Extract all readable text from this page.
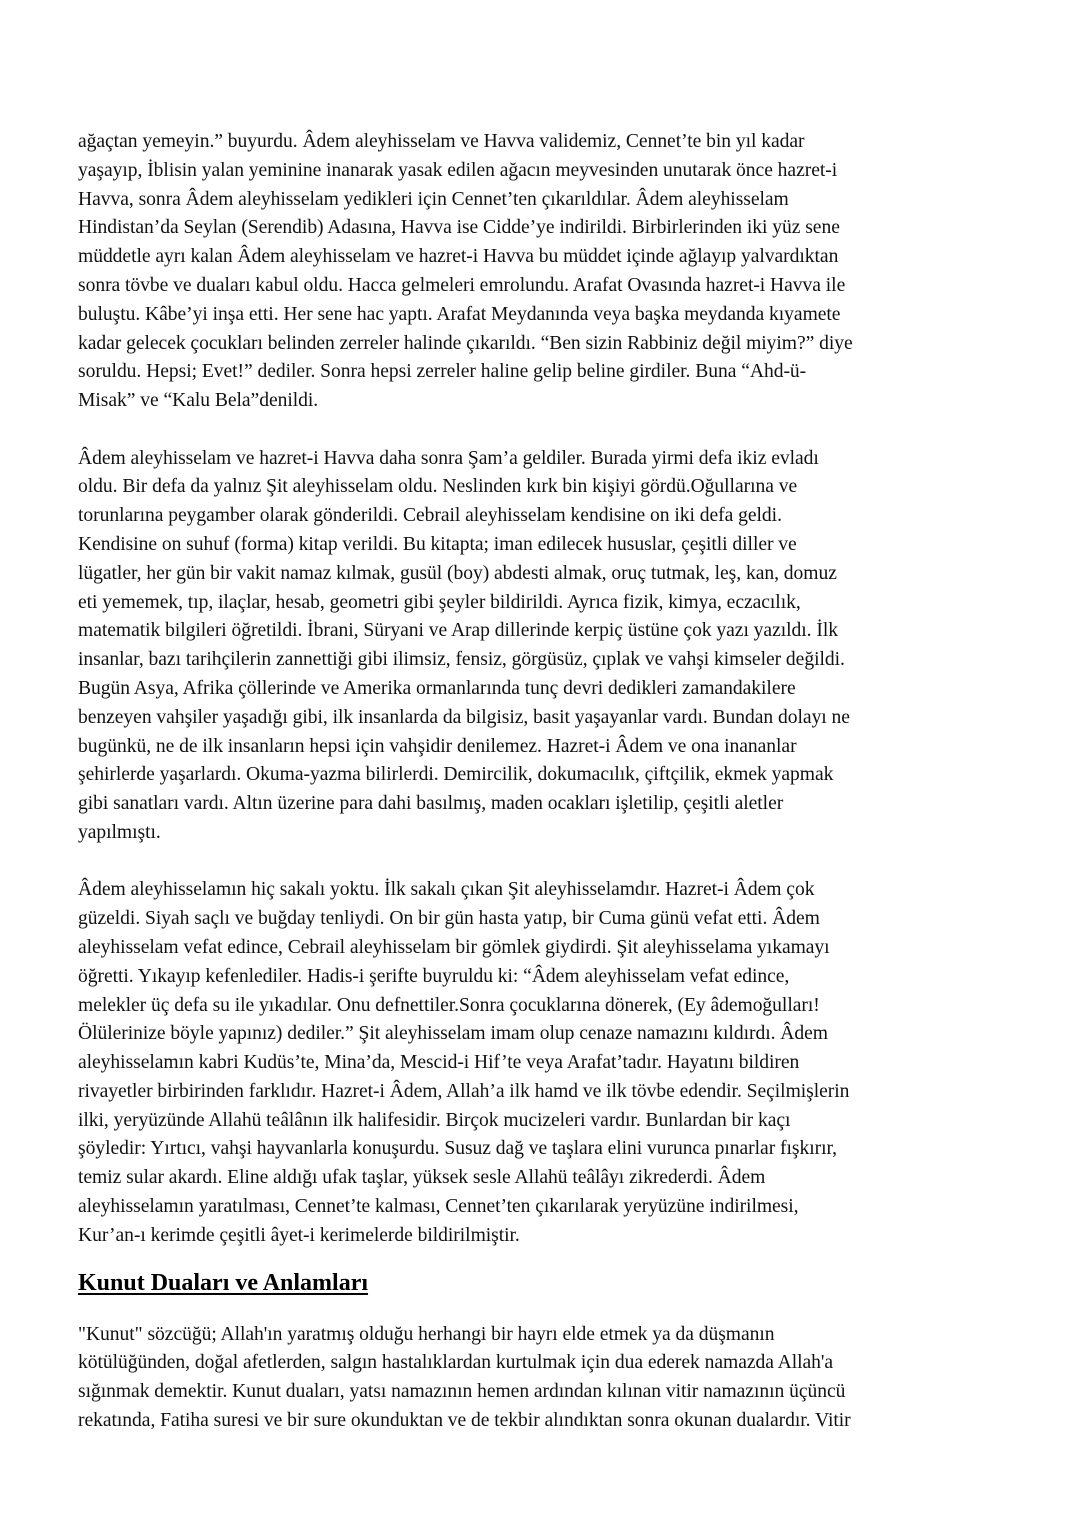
ağaçtan yemeyin.” buyurdu. Âdem aleyhisselam ve Havva validemiz, Cennet’te bin yıl kadar
yaşayıp, İblisin yalan yeminine inanarak yasak edilen ağacın meyvesinden unutarak önce hazret-i
Havva, sonra Âdem aleyhisselam yedikleri için Cennet’ten çıkarıldılar. Âdem aleyhisselam
Hindistan’da Seylan (Serendib) Adasına, Havva ise Cidde’ye indirildi. Birbirlerinden iki yüz sene
müddetle ayrı kalan Âdem aleyhisselam ve hazret-i Havva bu müddet içinde ağlayıp yalvardıktan
sonra tövbe ve duaları kabul oldu. Hacca gelmeleri emrolundu. Arafat Ovasında hazret-i Havva ile
buluştu. Kâbe’yi inşa etti. Her sene hac yaptı. Arafat Meydanında veya başka meydanda kıyamete
kadar gelecek çocukları belinden zerreler halinde çıkarıldı. “Ben sizin Rabbiniz değil miyim?” diye
soruldu. Hepsi; Evet!” dediler. Sonra hepsi zerreler haline gelip beline girdiler. Buna “Ahd-ü-
Misak” ve “Kalu Bela”denildi.

Âdem aleyhisselam ve hazret-i Havva daha sonra Şam’a geldiler. Burada yirmi defa ikiz evladı
oldu. Bir defa da yalnız Şit aleyhisselam oldu. Neslinden kırk bin kişiyi gördü.Oğullarına ve
torunlarına peygamber olarak gönderildi. Cebrail aleyhisselam kendisine on iki defa geldi.
Kendisine on suhuf (forma) kitap verildi. Bu kitapta; iman edilecek hususlar, çeşitli diller ve
lügatler, her gün bir vakit namaz kılmak, gusül (boy) abdesti almak, oruç tutmak, leş, kan, domuz
eti yememek, tıp, ilaçlar, hesab, geometri gibi şeyler bildirildi. Ayrıca fizik, kimya, eczacılık,
matematik bilgileri öğretildi. İbrani, Süryani ve Arap dillerinde kerpiç üstüne çok yazı yazıldı. İlk
insanlar, bazı tarihçilerin zannettiği gibi ilimsiz, fensiz, görgüsüz, çıplak ve vahşi kimseler değildi.
Bugün Asya, Afrika çöllerinde ve Amerika ormanlarında tunç devri dedikleri zamandakilere
benzeyen vahşiler yaşadığı gibi, ilk insanlarda da bilgisiz, basit yaşayanlar vardı. Bundan dolayı ne
bugünkü, ne de ilk insanların hepsi için vahşidir denilemez. Hazret-i Âdem ve ona inananlar
şehirlerde yaşarlardı. Okuma-yazma bilirlerdi. Demircilik, dokumacılık, çiftçilik, ekmek yapmak
gibi sanatları vardı. Altın üzerine para dahi basılmış, maden ocakları işletilip, çeşitli aletler
yapılmıştı.

Âdem aleyhisselamın hiç sakalı yoktu. İlk sakalı çıkan Şit aleyhisselamdır. Hazret-i Âdem çok
güzeldi. Siyah saçlı ve buğday tenliydi. On bir gün hasta yatıp, bir Cuma günü vefat etti. Âdem
aleyhisselam vefat edince, Cebrail aleyhisselam bir gömlek giydirdi. Şit aleyhisselama yıkamayı
öğretti. Yıkayıp kefenlediler. Hadis-i şerifte buyruldu ki: “Âdem aleyhisselam vefat edince,
melekler üç defa su ile yıkadılar. Onu defnettiler.Sonra çocuklarına dönerek, (Ey âdemoğulları!
Ölülerinize böyle yapınız) dediler.” Şit aleyhisselam imam olup cenaze namazını kıldırdı. Âdem
aleyhisselamın kabri Kudüs’te, Mina’da, Mescid-i Hif’te veya Arafat’tadır. Hayatını bildiren
rivayetler birbirinden farklıdır. Hazret-i Âdem, Allah’a ilk hamd ve ilk tövbe edendir. Seçilmişlerin
ilki, yeryüzünde Allahü teâlânın ilk halifesidir. Birçok mucizeleri vardır. Bunlardan bir kaçı
şöyledir: Yırtıcı, vahşi hayvanlarla konuşurdu. Susuz dağ ve taşlara elini vurunca pınarlar fışkırır,
temiz sular akardı. Eline aldığı ufak taşlar, yüksek sesle Allahü teâlâyı zikrederdi. Âdem
aleyhisselamın yaratılması, Cennet’te kalması, Cennet’ten çıkarılarak yeryüzüne indirilmesi,
Kur’an-ı kerimde çeşitli âyet-i kerimelerde bildirilmiştir.

Kunut Duaları ve Anlamları

"Kunut" sözcüğü; Allah'ın yaratmış olduğu herhangi bir hayrı elde etmek ya da düşmanın
kötülüğünden, doğal afetlerden, salgın hastalıklardan kurtulmak için dua ederek namazda Allah'a
sığınmak demektir. Kunut duaları, yatsı namazının hemen ardından kılınan vitir namazının üçüncü
rekatında, Fatiha suresi ve bir sure okunduktan ve de tekbir alındıktan sonra okunan dualardır. Vitir
